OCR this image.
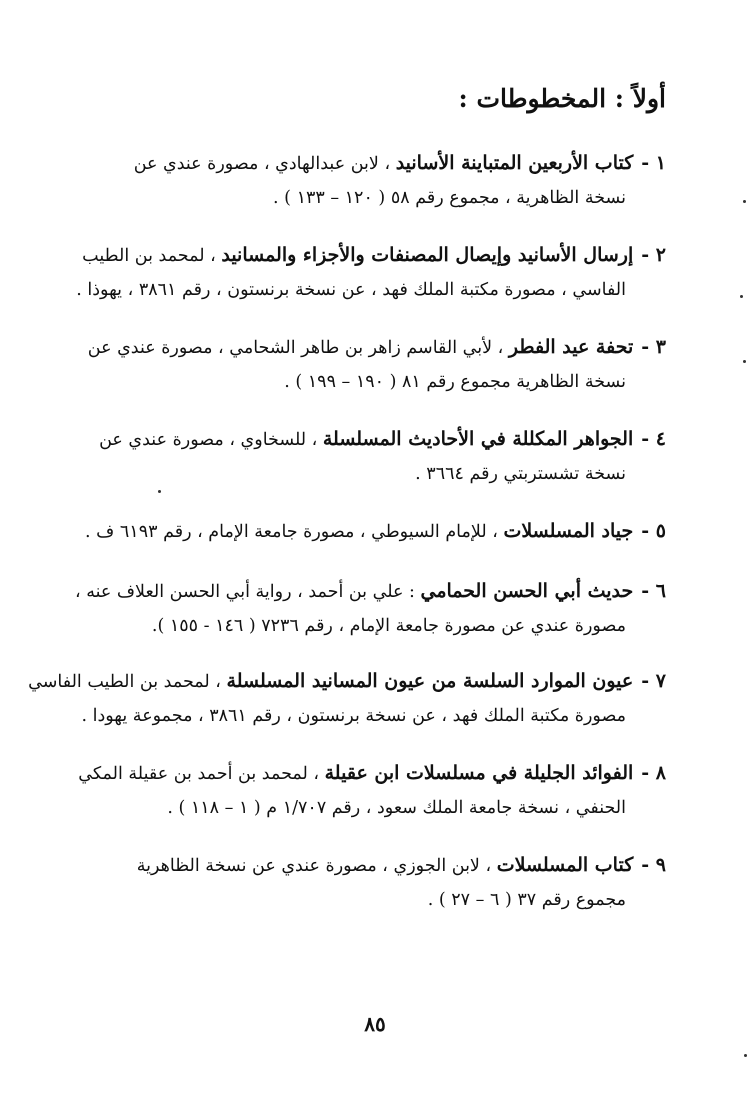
أولاً : المخطوطات :
١ -كتاب الأربعين المتباينة الأسانيد ، لابن عبدالهادي ، مصورة عندي عن
نسخة الظاهرية ، مجموع رقم ٥٨ ( ١٢٠ – ١٣٣ ) .
٢ -إرسال الأسانيد وإيصال المصنفات والأجزاء والمسانيد ، لمحمد بن الطيب
الفاسي ، مصورة مكتبة الملك فهد ، عن نسخة برنستون ، رقم ٣٨٦١ ، يهوذا .
٣ -تحفة عيد الفطر ، لأبي القاسم زاهر بن طاهر الشحامي ، مصورة عندي عن
نسخة الظاهرية مجموع رقم ٨١ ( ١٩٠ – ١٩٩ ) .
٤ -الجواهر المكللة في الأحاديث المسلسلة ، للسخاوي ، مصورة عندي عن
نسخة تشستربتي رقم ٣٦٦٤ .
٥ -جياد المسلسلات ، للإمام السيوطي ، مصورة جامعة الإمام ، رقم ٦١٩٣ ف .
٦ -حديث أبي الحسن الحمامي : علي بن أحمد ، رواية أبي الحسن العلاف عنه ،
مصورة عندي عن مصورة جامعة الإمام ، رقم ٧٢٣٦ ( ١٤٦ - ١٥٥ ).
٧ -عيون الموارد السلسة من عيون المسانيد المسلسلة ، لمحمد بن الطيب الفاسي
مصورة مكتبة الملك فهد ، عن نسخة برنستون ، رقم ٣٨٦١ ، مجموعة يهودا .
٨ -الفوائد الجليلة في مسلسلات ابن عقيلة ، لمحمد بن أحمد بن عقيلة المكي
الحنفي ، نسخة جامعة الملك سعود ، رقم ١/٧٠٧ م ( ١ – ١١٨ ) .
٩ -كتاب المسلسلات ، لابن الجوزي ، مصورة عندي عن نسخة الظاهرية
مجموع رقم ٣٧ ( ٦ – ٢٧ ) .
٨٥
